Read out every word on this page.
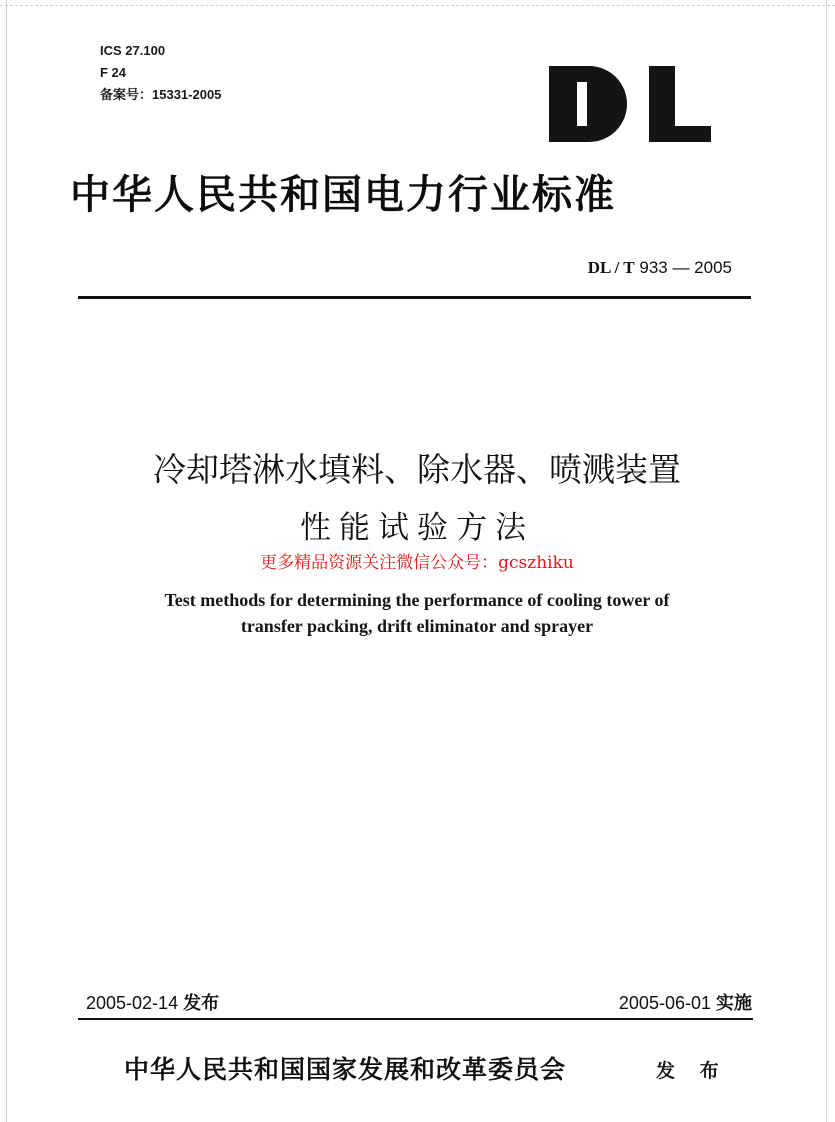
ICS 27.100
F 24
备案号：15331-2005
中华人民共和国电力行业标准
DL / T 933 — 2005
冷却塔淋水填料、除水器、喷溅装置
性能试验方法
更多精品资源关注微信公众号：gcszhiku
Test methods for determining the performance of cooling tower of
transfer packing, drift eliminator and sprayer
2005-02-14 发布	2005-06-01 实施
中华人民共和国国家发展和改革委员会	发 布
